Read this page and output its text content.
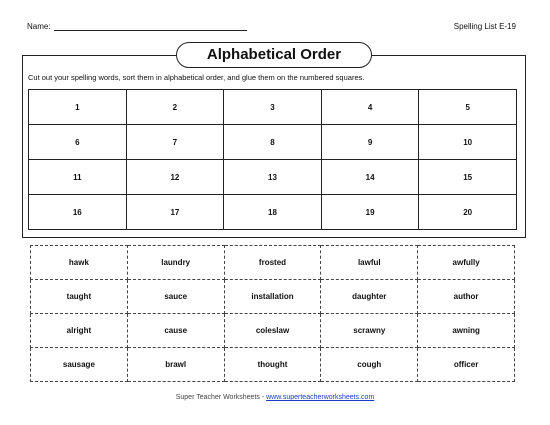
Name:	Spelling List E-19
Alphabetical Order
Cut out your spelling words, sort them in alphabetical order, and glue them on the numbered squares.
1	2	3	4	5
6	7	8	9	10
11	12	13	14	15
16	17	18	19	20
hawk	laundry	frosted	lawful	awfully
taught	sauce	installation	daughter	author
alright	cause	coleslaw	scrawny	awning
sausage	brawl	thought	cough	officer
Super Teacher Worksheets - www.superteacherworksheets.com
